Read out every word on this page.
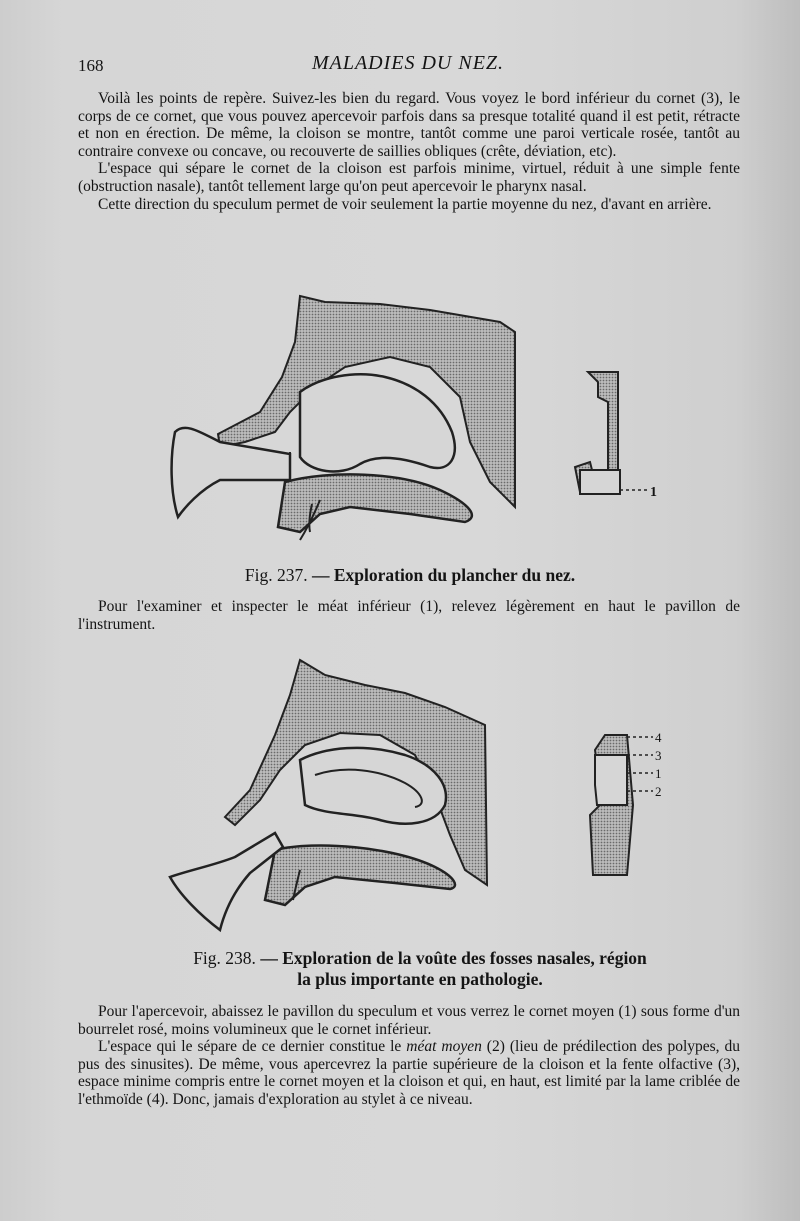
168	MALADIES DU NEZ.

Voilà les points de repère. Suivez-les bien du regard. Vous voyez le bord inférieur du cornet (3), le corps de ce cornet, que vous pouvez apercevoir parfois dans sa presque totalité quand il est petit, rétracte et non en érection. De même, la cloison se montre, tantôt comme une paroi verticale rosée, tantôt au contraire convexe ou concave, ou recouverte de saillies obliques (crête, déviation, etc).

L'espace qui sépare le cornet de la cloison est parfois minime, virtuel, réduit à une simple fente (obstruction nasale), tantôt tellement large qu'on peut apercevoir le pharynx nasal.

Cette direction du speculum permet de voir seulement la partie moyenne du nez, d'avant en arrière.

1
Fig. 237. — Exploration du plancher du nez.

Pour l'examiner et inspecter le méat inférieur (1), relevez légèrement en haut le pavillon de l'instrument.

4
3
1
2
Fig. 238. — Exploration de la voûte des fosses nasales, région
la plus importante en pathologie.

Pour l'apercevoir, abaissez le pavillon du speculum et vous verrez le cornet moyen (1) sous forme d'un bourrelet rosé, moins volumineux que le cornet inférieur.

L'espace qui le sépare de ce dernier constitue le méat moyen (2) (lieu de prédilection des polypes, du pus des sinusites). De même, vous apercevrez la partie supérieure de la cloison et la fente olfactive (3), espace minime compris entre le cornet moyen et la cloison et qui, en haut, est limité par la lame criblée de l'ethmoïde (4). Donc, jamais d'exploration au stylet à ce niveau.
